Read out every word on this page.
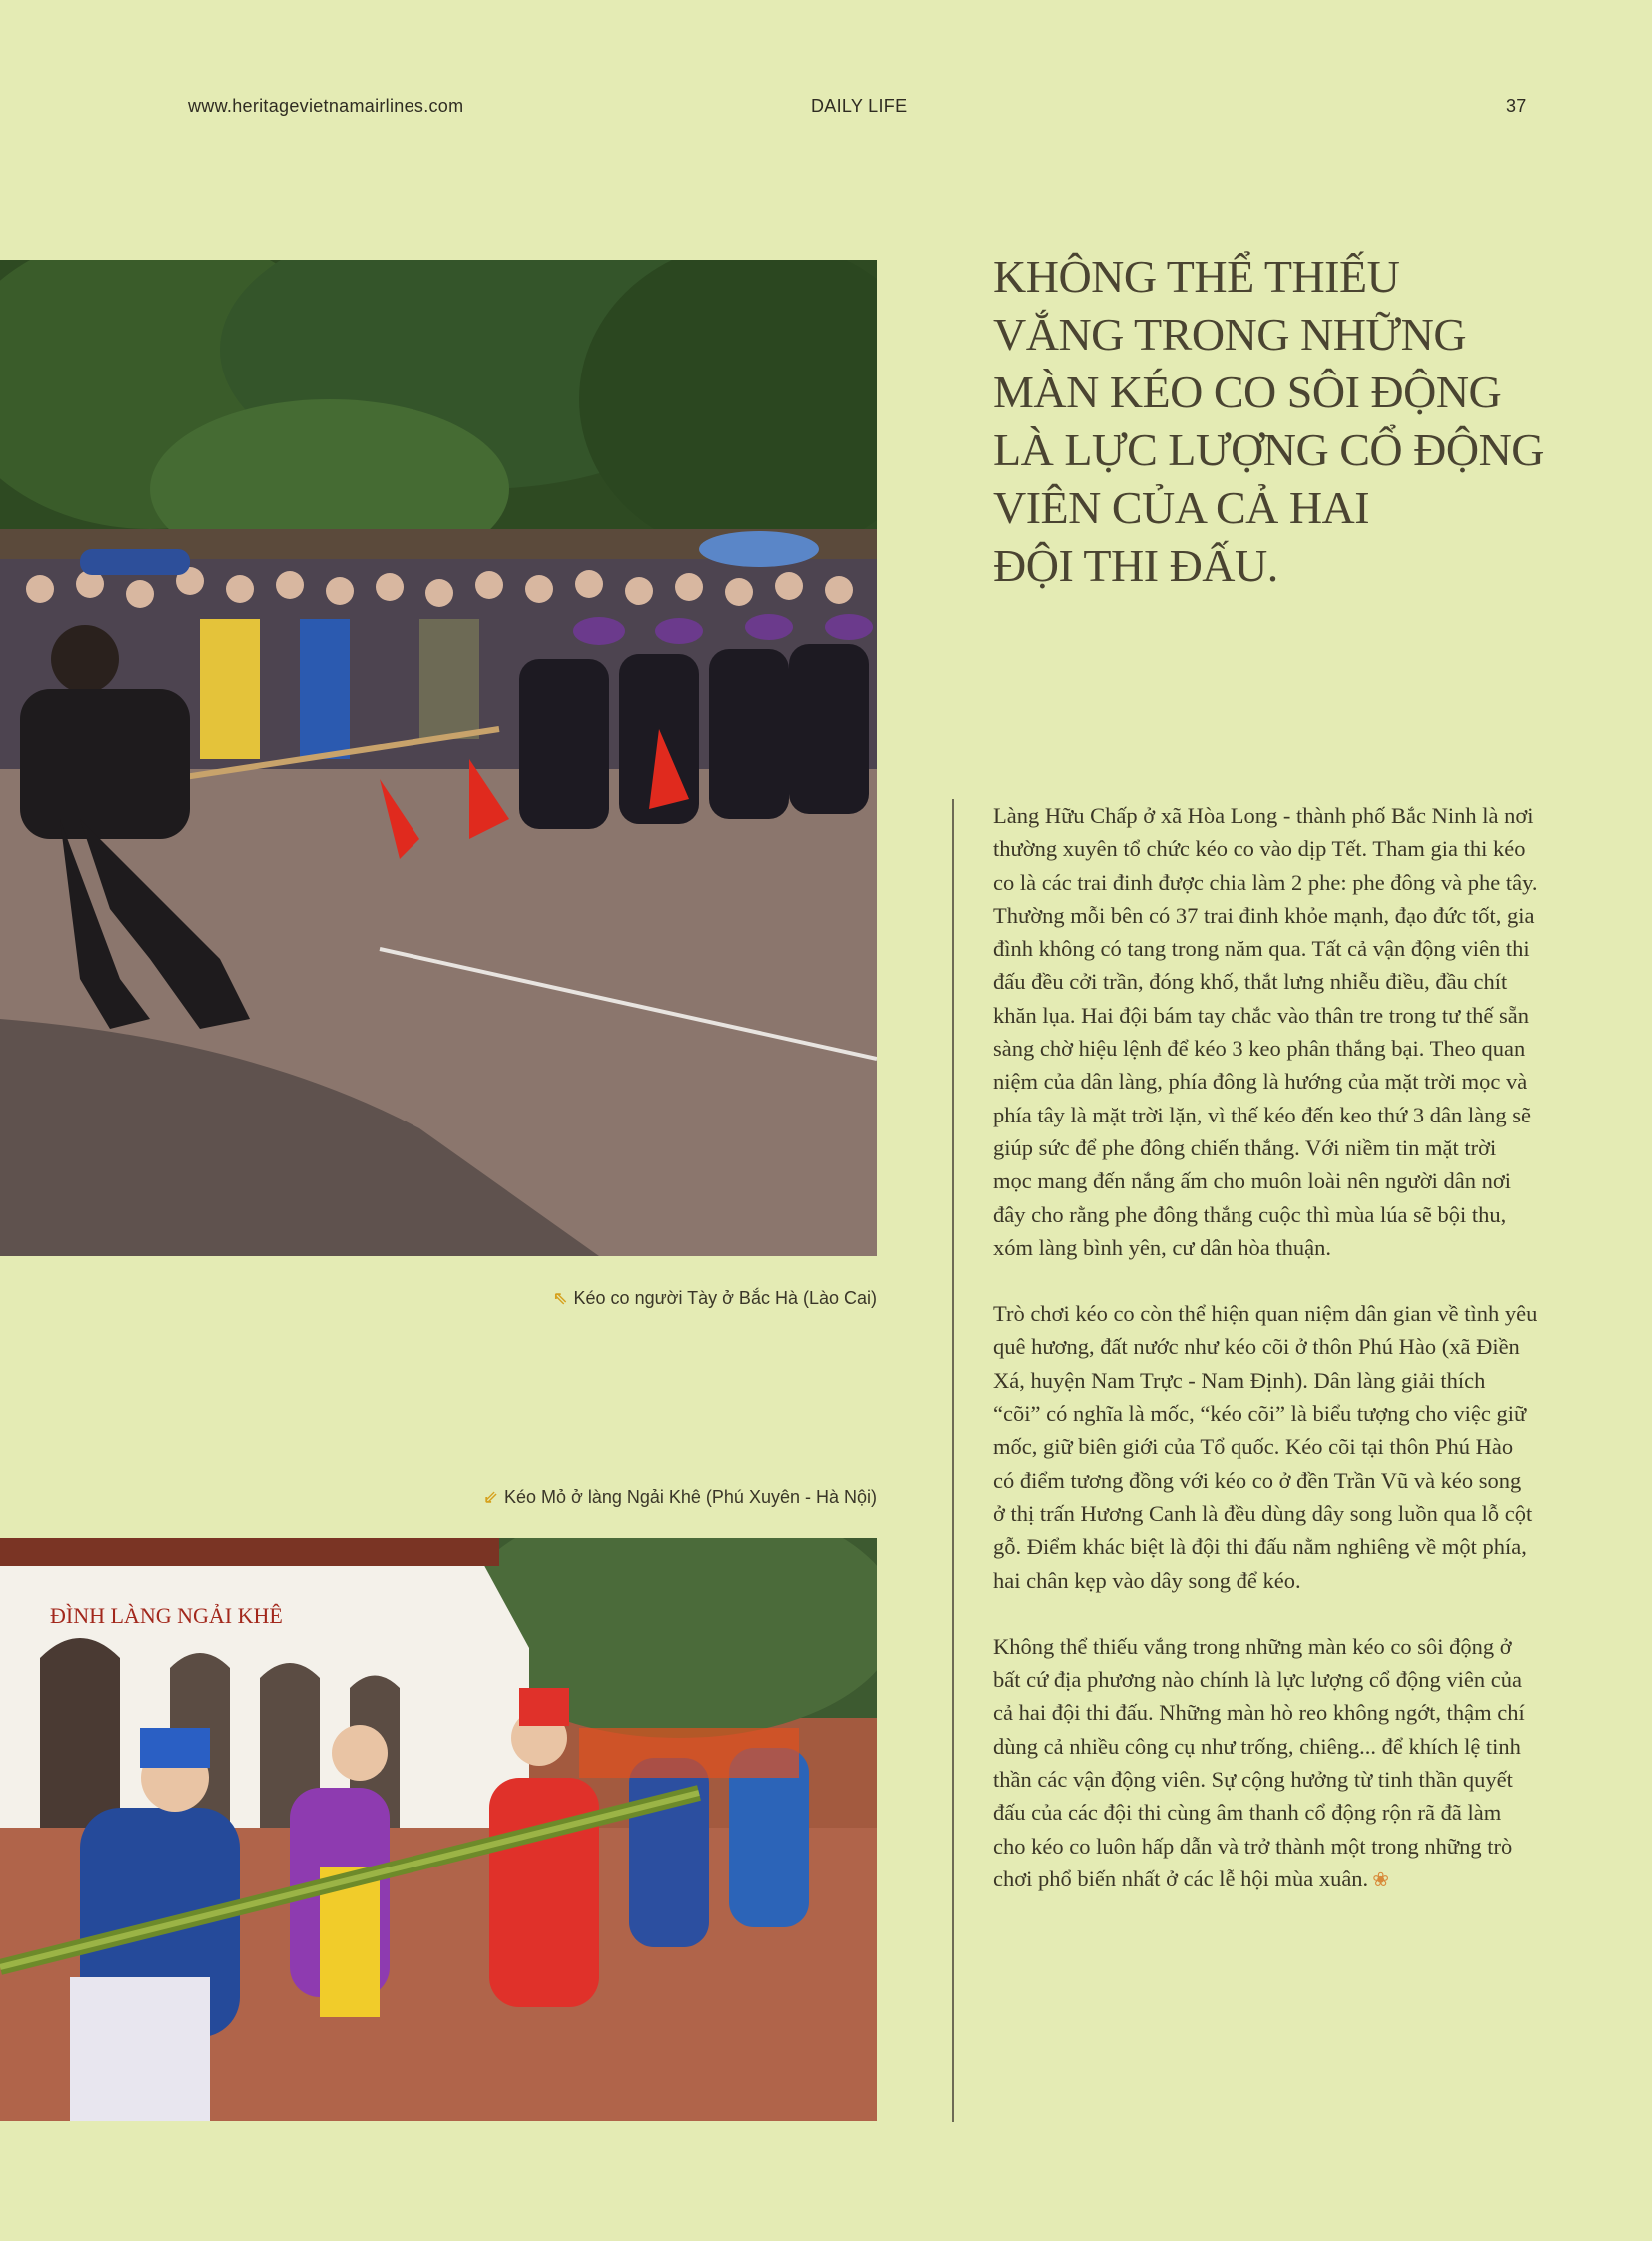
www.heritagevietnamairlines.com	DAILY LIFE	37
⇖ Kéo co người Tày ở Bắc Hà (Lào Cai)
⇙ Kéo Mỏ ở làng Ngải Khê (Phú Xuyên - Hà Nội)
ĐÌNH LÀNG NGẢI KHÊ
KHÔNG THỂ THIẾU
VẮNG TRONG NHỮNG
MÀN KÉO CO SÔI ĐỘNG
LÀ LỰC LƯỢNG CỔ ĐỘNG
VIÊN CỦA CẢ HAI
ĐỘI THI ĐẤU.

Làng Hữu Chấp ở xã Hòa Long - thành phố Bắc Ninh là nơi thường xuyên tổ chức kéo co vào dịp Tết. Tham gia thi kéo co là các trai đinh được chia làm 2 phe: phe đông và phe tây. Thường mỗi bên có 37 trai đinh khỏe mạnh, đạo đức tốt, gia đình không có tang trong năm qua. Tất cả vận động viên thi đấu đều cởi trần, đóng khố, thắt lưng nhiễu điều, đầu chít khăn lụa. Hai đội bám tay chắc vào thân tre trong tư thế sẵn sàng chờ hiệu lệnh để kéo 3 keo phân thắng bại. Theo quan niệm của dân làng, phía đông là hướng của mặt trời mọc và phía tây là mặt trời lặn, vì thế kéo đến keo thứ 3 dân làng sẽ giúp sức để phe đông chiến thắng. Với niềm tin mặt trời mọc mang đến nắng ấm cho muôn loài nên người dân nơi đây cho rằng phe đông thắng cuộc thì mùa lúa sẽ bội thu, xóm làng bình yên, cư dân hòa thuận.

Trò chơi kéo co còn thể hiện quan niệm dân gian về tình yêu quê hương, đất nước như kéo cõi ở thôn Phú Hào (xã Điền Xá, huyện Nam Trực - Nam Định). Dân làng giải thích “cõi” có nghĩa là mốc, “kéo cõi” là biểu tượng cho việc giữ mốc, giữ biên giới của Tổ quốc. Kéo cõi tại thôn Phú Hào có điểm tương đồng với kéo co ở đền Trần Vũ và kéo song ở thị trấn Hương Canh là đều dùng dây song luồn qua lỗ cột gỗ. Điểm khác biệt là đội thi đấu nằm nghiêng về một phía, hai chân kẹp vào dây song để kéo.

Không thể thiếu vắng trong những màn kéo co sôi động ở bất cứ địa phương nào chính là lực lượng cổ động viên của cả hai đội thi đấu. Những màn hò reo không ngớt, thậm chí dùng cả nhiều công cụ như trống, chiêng... để khích lệ tinh thần các vận động viên. Sự cộng hưởng từ tinh thần quyết đấu của các đội thi cùng âm thanh cổ động rộn rã đã làm cho kéo co luôn hấp dẫn và trở thành một trong những trò chơi phổ biến nhất ở các lễ hội mùa xuân. ❀
